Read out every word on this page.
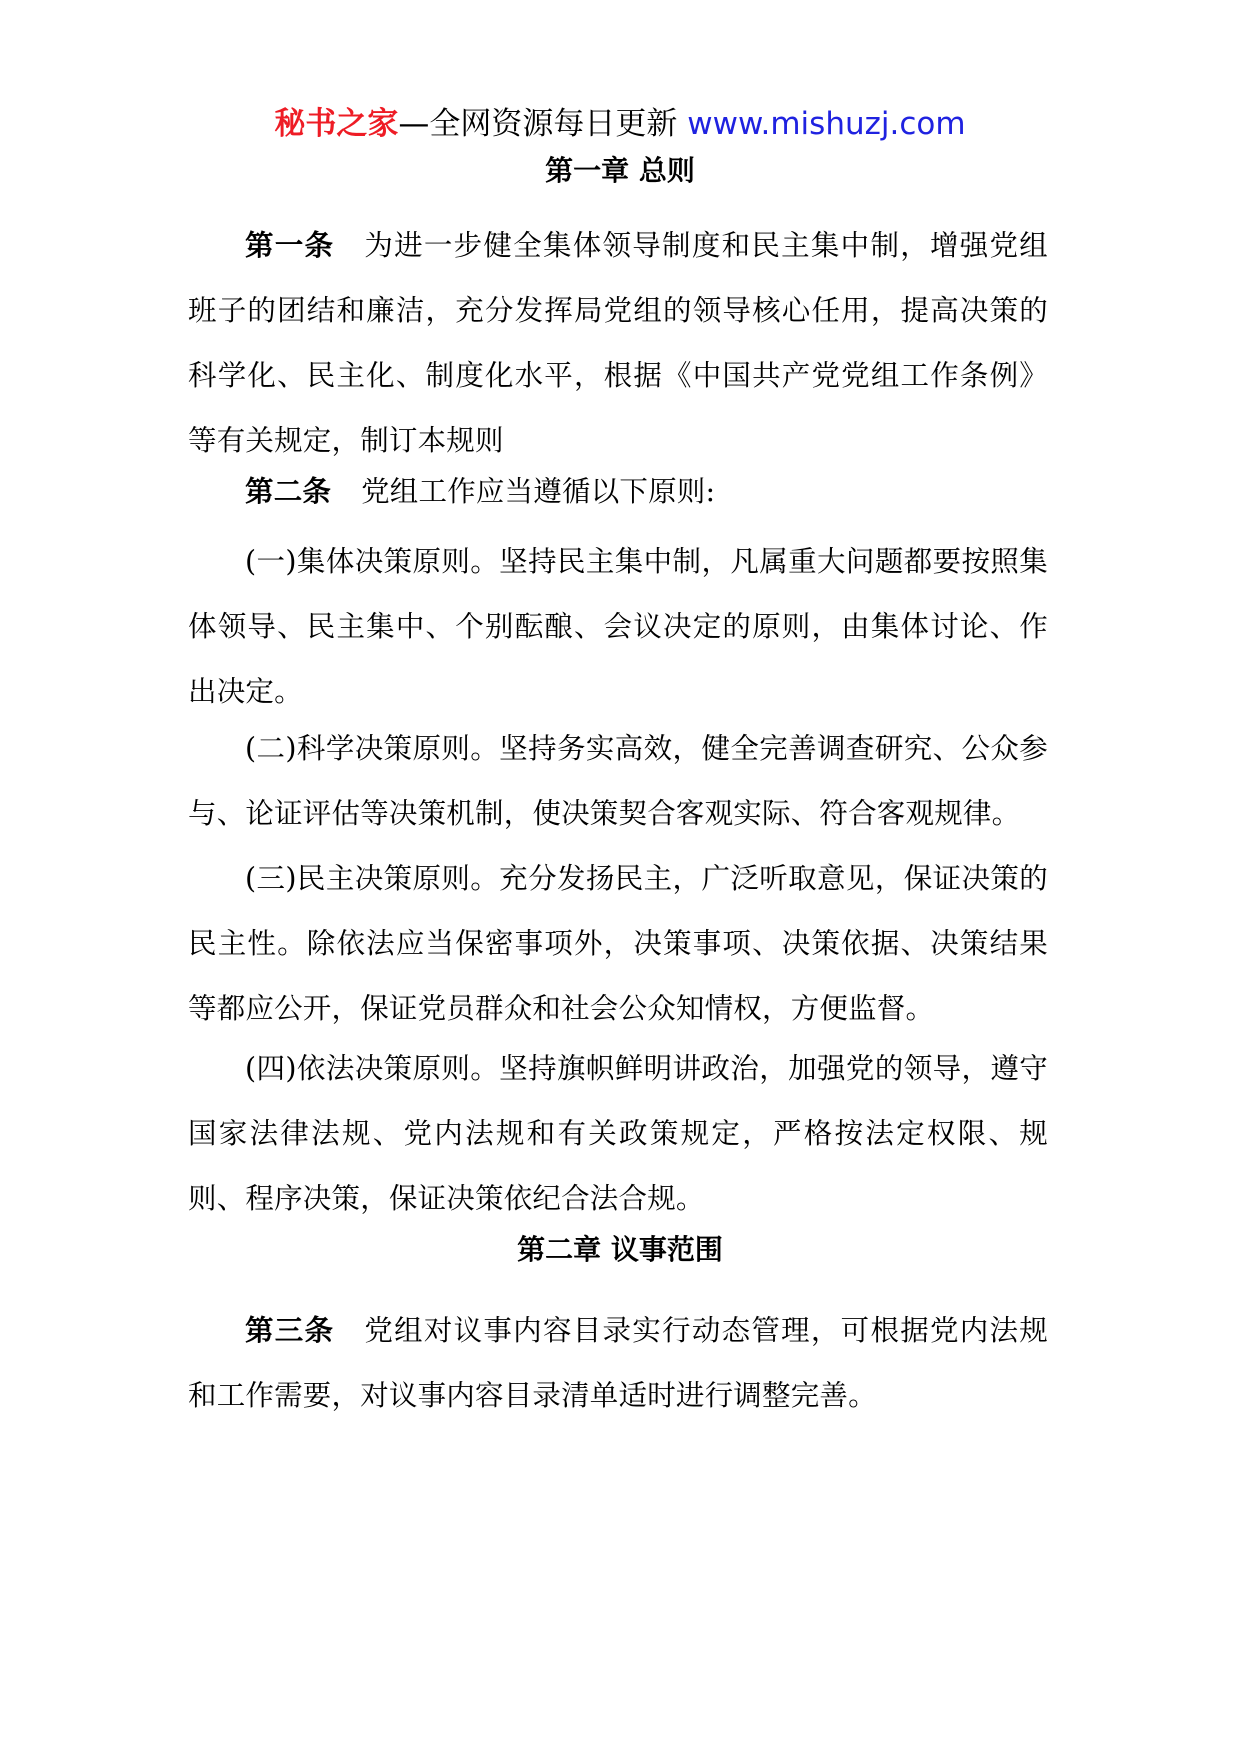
秘书之家—全网资源每日更新 www.mishuzj.com
第一章 总则
第一条 为进一步健全集体领导制度和民主集中制，增强党组班子的团结和廉洁，充分发挥局党组的领导核心任用，提高决策的科学化、民主化、制度化水平，根据《中国共产党党组工作条例》等有关规定，制订本规则
第二条 党组工作应当遵循以下原则:
(一)集体决策原则。坚持民主集中制，凡属重大问题都要按照集体领导、民主集中、个别酝酿、会议决定的原则，由集体讨论、作出决定。
(二)科学决策原则。坚持务实高效，健全完善调查研究、公众参与、论证评估等决策机制，使决策契合客观实际、符合客观规律。
(三)民主决策原则。充分发扬民主，广泛听取意见，保证决策的民主性。除依法应当保密事项外，决策事项、决策依据、决策结果等都应公开，保证党员群众和社会公众知情权，方便监督。
(四)依法决策原则。坚持旗帜鲜明讲政治，加强党的领导，遵守国家法律法规、党内法规和有关政策规定，严格按法定权限、规则、程序决策，保证决策依纪合法合规。
第二章 议事范围
第三条 党组对议事内容目录实行动态管理，可根据党内法规和工作需要，对议事内容目录清单适时进行调整完善。
